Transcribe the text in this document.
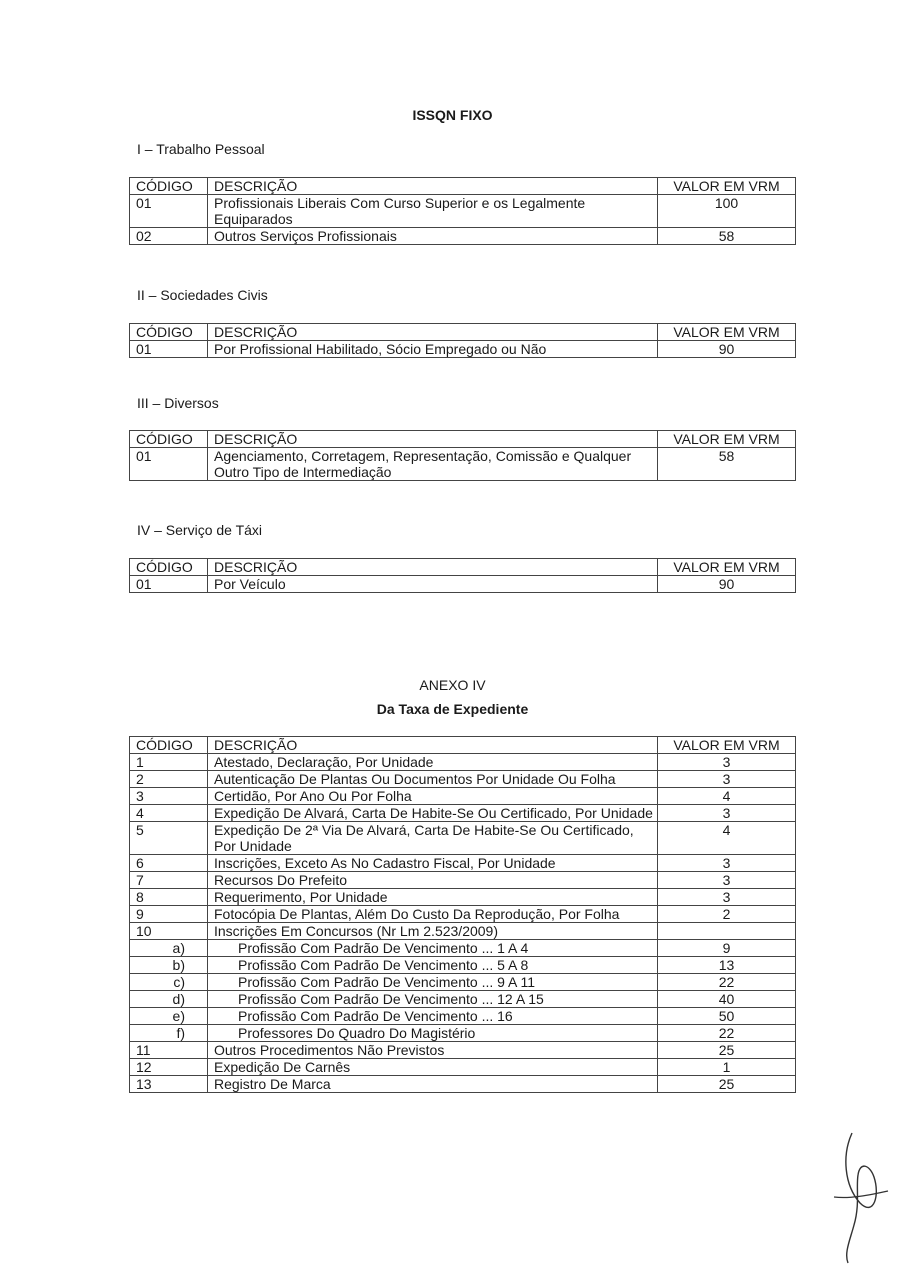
ISSQN FIXO
I – Trabalho Pessoal
CÓDIGO	DESCRIÇÃO	VALOR EM VRM
01	Profissionais Liberais Com Curso Superior e os Legalmente Equiparados	100
02	Outros Serviços Profissionais	58
II – Sociedades Civis
CÓDIGO	DESCRIÇÃO	VALOR EM VRM
01	Por Profissional Habilitado, Sócio Empregado ou Não	90
III – Diversos
CÓDIGO	DESCRIÇÃO	VALOR EM VRM
01	Agenciamento, Corretagem, Representação, Comissão e Qualquer Outro Tipo de Intermediação	58
IV – Serviço de Táxi
CÓDIGO	DESCRIÇÃO	VALOR EM VRM
01	Por Veículo	90
ANEXO IV
Da Taxa de Expediente
CÓDIGO	DESCRIÇÃO	VALOR EM VRM
1	Atestado, Declaração, Por Unidade	3
2	Autenticação De Plantas Ou Documentos Por Unidade Ou Folha	3
3	Certidão, Por Ano Ou Por Folha	4
4	Expedição De Alvará, Carta De Habite-Se Ou Certificado, Por Unidade	3
5	Expedição De 2ª Via De Alvará, Carta De Habite-Se Ou Certificado, Por Unidade	4
6	Inscrições, Exceto As No Cadastro Fiscal, Por Unidade	3
7	Recursos Do Prefeito	3
8	Requerimento, Por Unidade	3
9	Fotocópia De Plantas, Além Do Custo Da Reprodução, Por Folha	2
10	Inscrições Em Concursos (Nr Lm 2.523/2009)	
a)	Profissão Com Padrão De Vencimento ... 1 A 4	9
b)	Profissão Com Padrão De Vencimento ... 5 A 8	13
c)	Profissão Com Padrão De Vencimento ... 9 A 11	22
d)	Profissão Com Padrão De Vencimento ... 12 A 15	40
e)	Profissão Com Padrão De Vencimento ... 16	50
f)	Professores Do Quadro Do Magistério	22
11	Outros Procedimentos Não Previstos	25
12	Expedição De Carnês	1
13	Registro De Marca	25
